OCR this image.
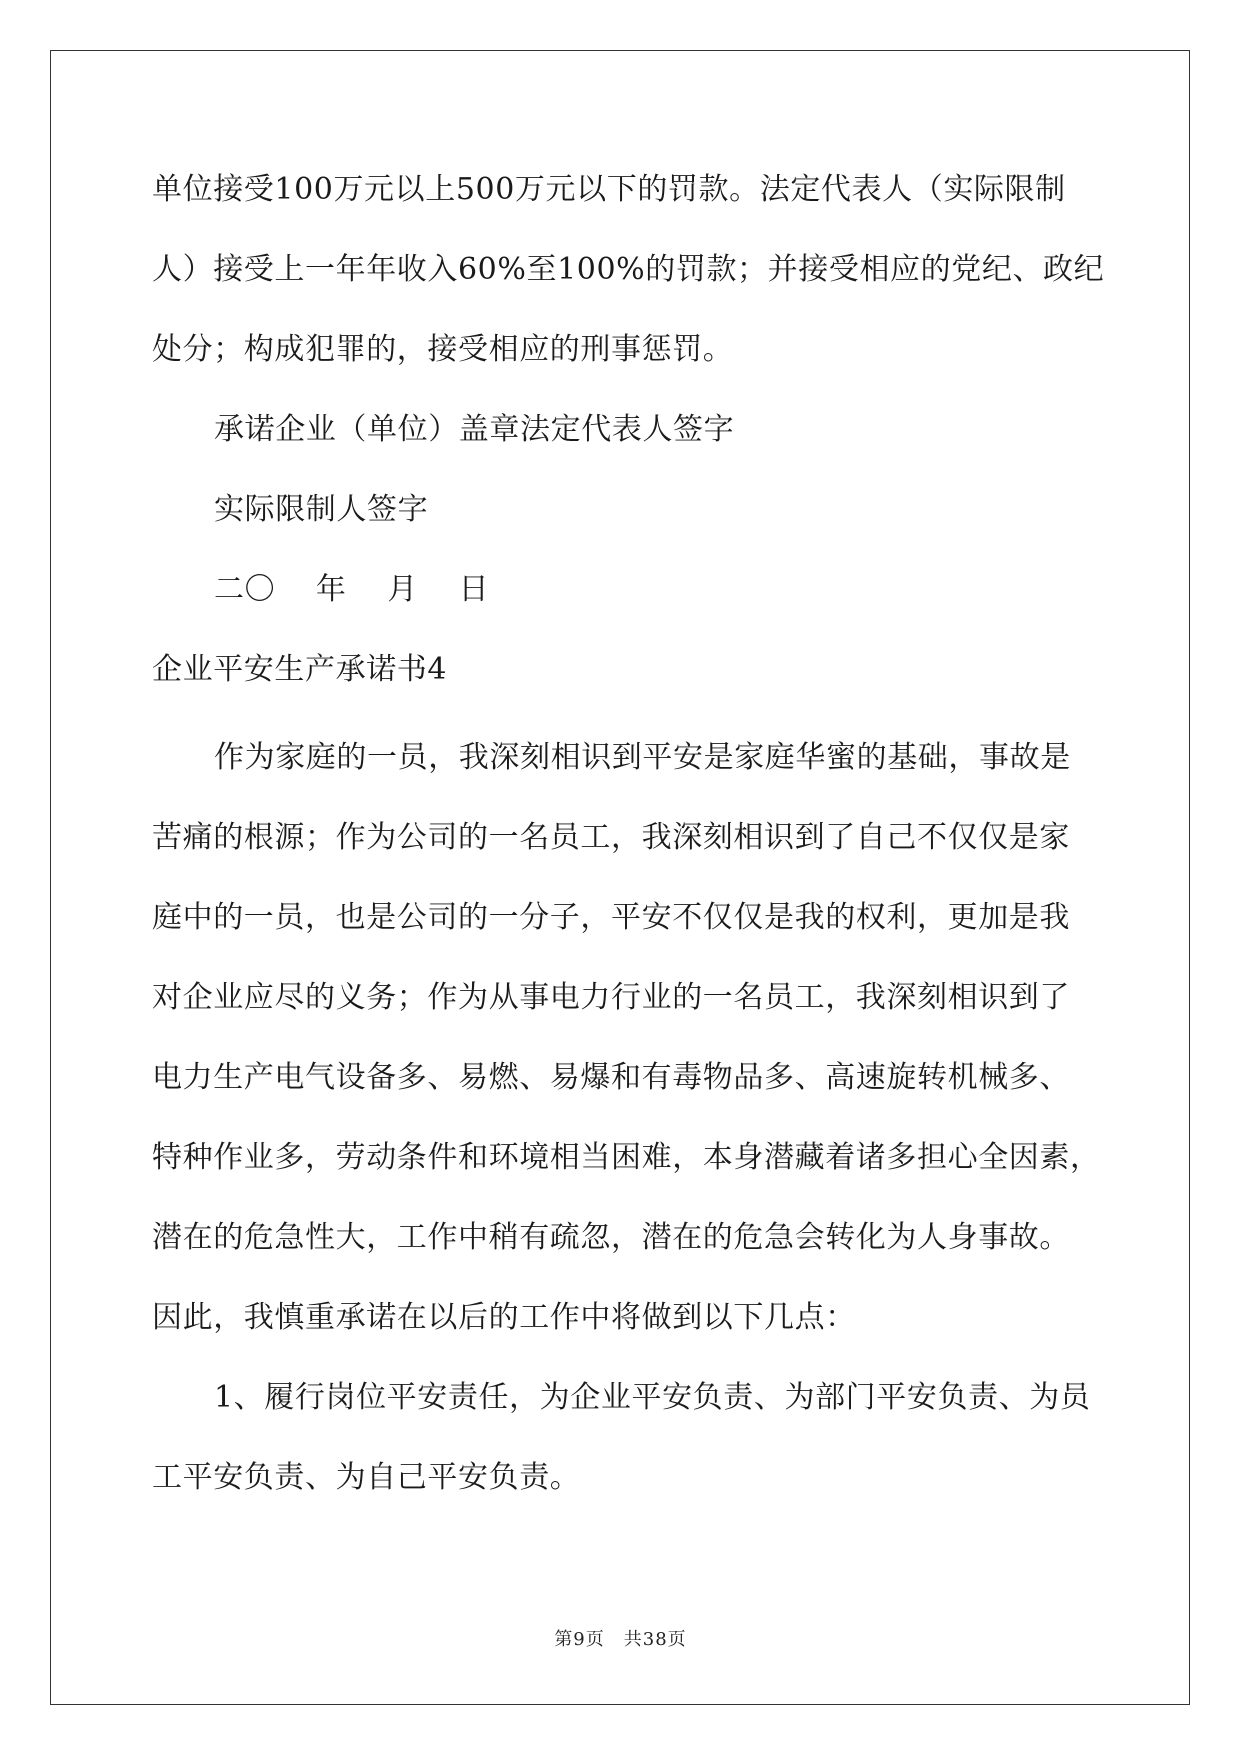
单位接受100万元以上500万元以下的罚款。法定代表人（实际限制
人）接受上一年年收入60%至100%的罚款；并接受相应的党纪、政纪
处分；构成犯罪的，接受相应的刑事惩罚。
承诺企业（单位）盖章法定代表人签字
实际限制人签字
二〇　 年　 月　 日
企业平安生产承诺书4
作为家庭的一员，我深刻相识到平安是家庭华蜜的基础，事故是
苦痛的根源；作为公司的一名员工，我深刻相识到了自己不仅仅是家
庭中的一员，也是公司的一分子，平安不仅仅是我的权利，更加是我
对企业应尽的义务；作为从事电力行业的一名员工，我深刻相识到了
电力生产电气设备多、易燃、易爆和有毒物品多、高速旋转机械多、
特种作业多，劳动条件和环境相当困难，本身潜藏着诸多担心全因素，
潜在的危急性大，工作中稍有疏忽，潜在的危急会转化为人身事故。
因此，我慎重承诺在以后的工作中将做到以下几点：
1、履行岗位平安责任，为企业平安负责、为部门平安负责、为员
工平安负责、为自己平安负责。
第9页　共38页
